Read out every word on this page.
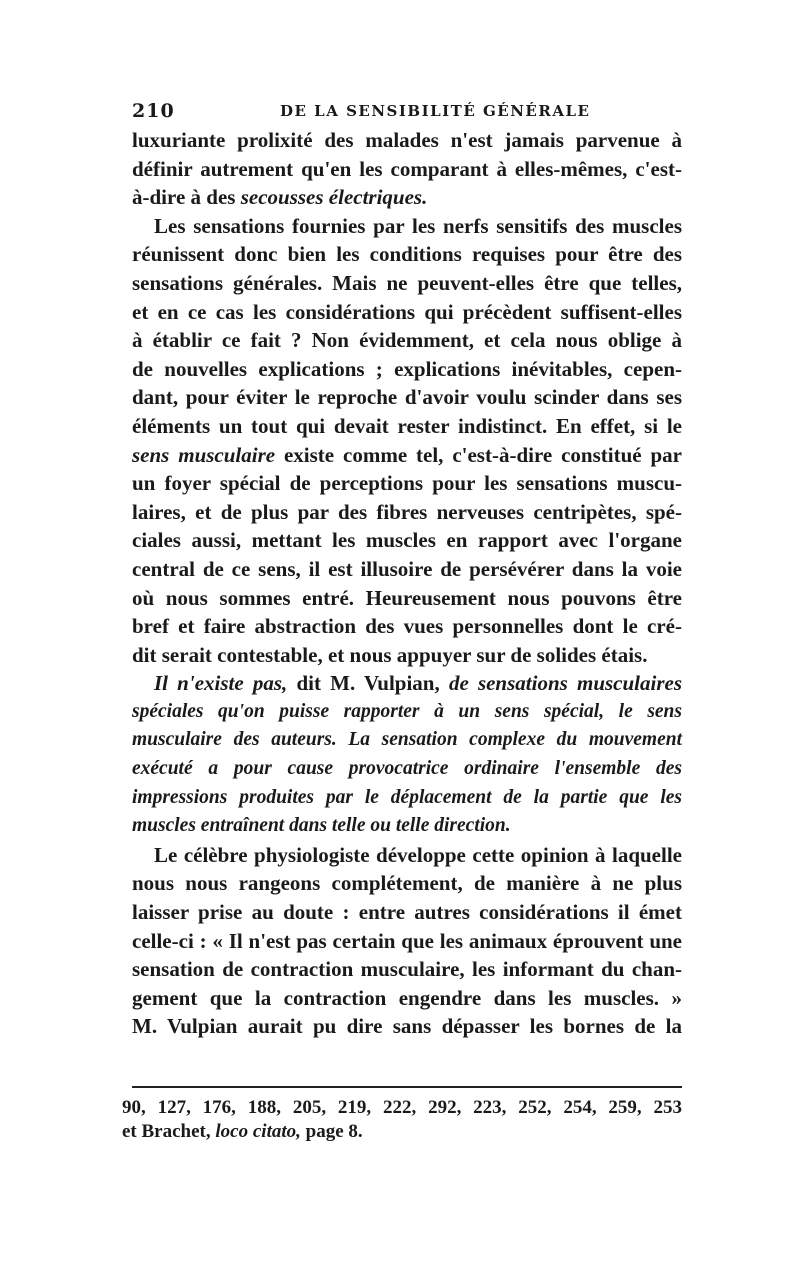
210	DE LA SENSIBILITÉ GÉNÉRALE
luxuriante prolixité des malades n'est jamais parvenue à
définir autrement qu'en les comparant à elles-mêmes, c'est-
à-dire à des secousses électriques.
Les sensations fournies par les nerfs sensitifs des muscles
réunissent donc bien les conditions requises pour être des
sensations générales. Mais ne peuvent-elles être que telles,
et en ce cas les considérations qui précèdent suffisent-elles
à établir ce fait ? Non évidemment, et cela nous oblige à
de nouvelles explications ; explications inévitables, cepen-
dant, pour éviter le reproche d'avoir voulu scinder dans ses
éléments un tout qui devait rester indistinct. En effet, si le
sens musculaire existe comme tel, c'est-à-dire constitué par
un foyer spécial de perceptions pour les sensations muscu-
laires, et de plus par des fibres nerveuses centripètes, spé-
ciales aussi, mettant les muscles en rapport avec l'organe
central de ce sens, il est illusoire de persévérer dans la voie
où nous sommes entré. Heureusement nous pouvons être
bref et faire abstraction des vues personnelles dont le cré-
dit serait contestable, et nous appuyer sur de solides étais.
Il n'existe pas, dit M. Vulpian, de sensations musculaires
spéciales qu'on puisse rapporter à un sens spécial, le sens
musculaire des auteurs. La sensation complexe du mouvement
exécuté a pour cause provocatrice ordinaire l'ensemble des
impressions produites par le déplacement de la partie que les
muscles entraînent dans telle ou telle direction.
Le célèbre physiologiste développe cette opinion à laquelle
nous nous rangeons complétement, de manière à ne plus
laisser prise au doute : entre autres considérations il émet
celle-ci : « Il n'est pas certain que les animaux éprouvent une
sensation de contraction musculaire, les informant du chan-
gement que la contraction engendre dans les muscles. »
M. Vulpian aurait pu dire sans dépasser les bornes de la
90, 127, 176, 188, 205, 219, 222, 292, 223, 252, 254, 259, 253
et Brachet, loco citato, page 8.
